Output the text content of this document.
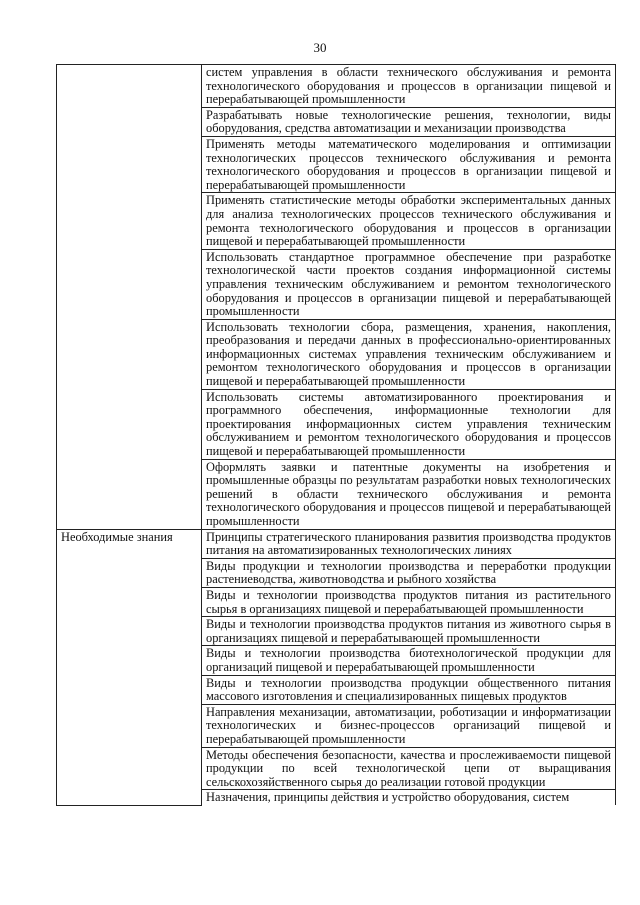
30
	систем управления в области технического обслуживания и ремонта технологического оборудования и процессов в организации пищевой и перерабатывающей промышленности
	Разрабатывать новые технологические решения, технологии, виды оборудования, средства автоматизации и механизации производства
	Применять методы математического моделирования и оптимизации технологических процессов технического обслуживания и ремонта технологического оборудования и процессов в организации пищевой и перерабатывающей промышленности
	Применять статистические методы обработки экспериментальных данных для анализа технологических процессов технического обслуживания и ремонта технологического оборудования и процессов в организации пищевой и перерабатывающей промышленности
	Использовать стандартное программное обеспечение при разработке технологической части проектов создания информационной системы управления техническим обслуживанием и ремонтом технологического оборудования и процессов в организации пищевой и перерабатывающей промышленности
	Использовать технологии сбора, размещения, хранения, накопления, преобразования и передачи данных в профессионально-ориентированных информационных системах управления техническим обслуживанием и ремонтом технологического оборудования и процессов в организации пищевой и перерабатывающей промышленности
	Использовать системы автоматизированного проектирования и программного обеспечения, информационные технологии для проектирования информационных систем управления техническим обслуживанием и ремонтом технологического оборудования и процессов пищевой и перерабатывающей промышленности
	Оформлять заявки и патентные документы на изобретения и промышленные образцы по результатам разработки новых технологических решений в области технического обслуживания и ремонта технологического оборудования и процессов пищевой и перерабатывающей промышленности
Необходимые знания	Принципы стратегического планирования развития производства продуктов питания на автоматизированных технологических линиях
	Виды продукции и технологии производства и переработки продукции растениеводства, животноводства и рыбного хозяйства
	Виды и технологии производства продуктов питания из растительного сырья в организациях пищевой и перерабатывающей промышленности
	Виды и технологии производства продуктов питания из животного сырья в организациях пищевой и перерабатывающей промышленности
	Виды и технологии производства биотехнологической продукции для организаций пищевой и перерабатывающей промышленности
	Виды и технологии производства продукции общественного питания массового изготовления и специализированных пищевых продуктов
	Направления механизации, автоматизации, роботизации и информатизации технологических и бизнес-процессов организаций пищевой и перерабатывающей промышленности
	Методы обеспечения безопасности, качества и прослеживаемости пищевой продукции по всей технологической цепи от выращивания сельскохозяйственного сырья до реализации готовой продукции
	Назначения, принципы действия и устройство оборудования, систем
